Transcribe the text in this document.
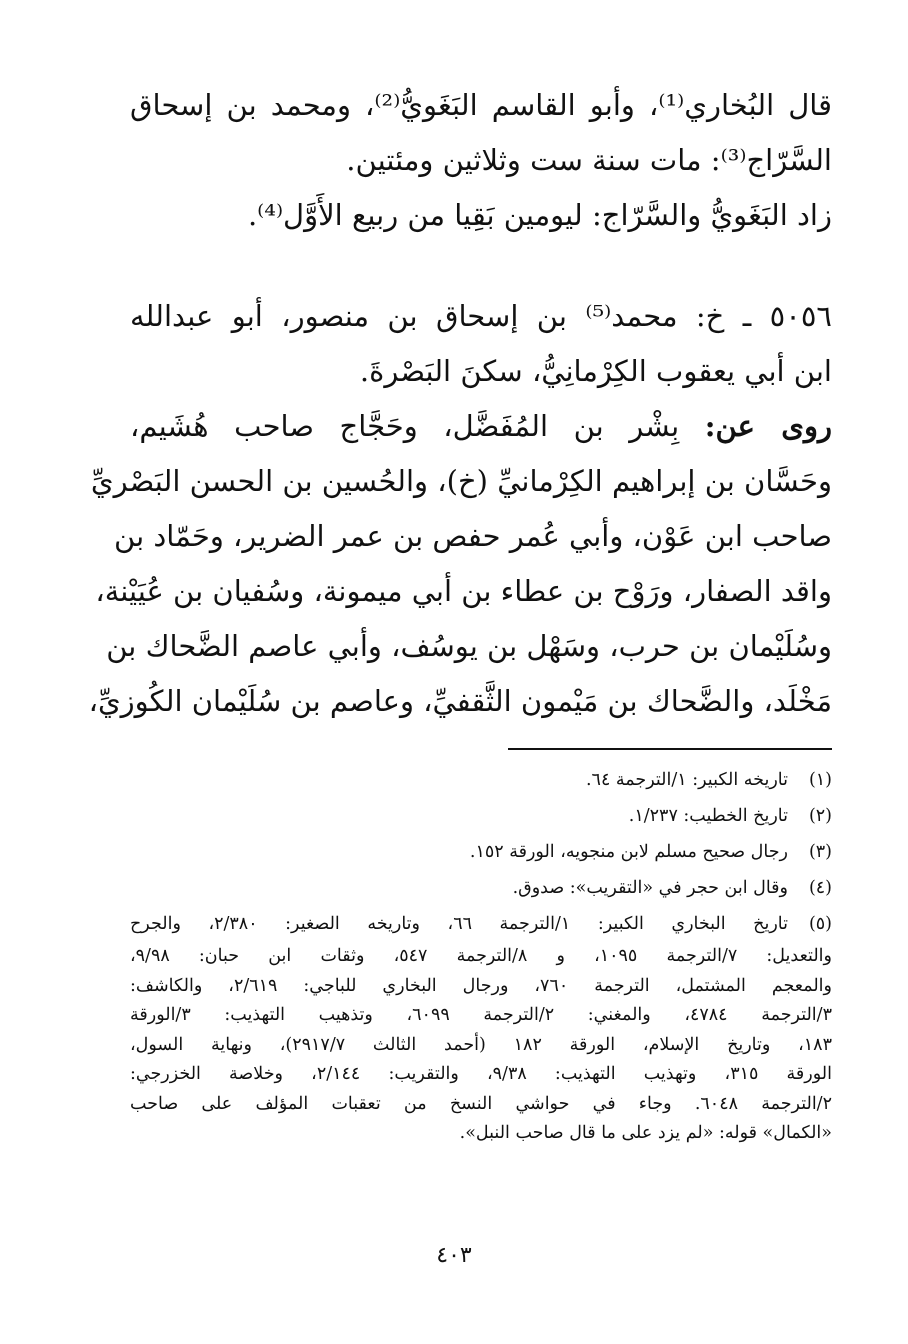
قال البُخاري⁽¹⁾، وأبو القاسم البَغَويُّ⁽²⁾، ومحمد بن إسحاق
السَّرّاج⁽³⁾: مات سنة ست وثلاثين ومئتين.
زاد البَغَويُّ والسَّرّاج: ليومين بَقِيا من ربيع الأَوَّل⁽⁴⁾.
٥٠٥٦ ـ خ: محمد⁽⁵⁾ بن إسحاق بن منصور، أبو عبدالله
ابن أبي يعقوب الكِرْمانِيُّ، سكنَ البَصْرةَ.
روى عن: بِشْر بن المُفَضَّل، وحَجَّاج صاحب هُشَيم،
وحَسَّان بن إبراهيم الكِرْمانيِّ (خ)، والحُسين بن الحسن البَصْريِّ
صاحب ابن عَوْن، وأبي عُمر حفص بن عمر الضرير، وحَمّاد بن
واقد الصفار، ورَوْح بن عطاء بن أبي ميمونة، وسُفيان بن عُيَيْنة،
وسُلَيْمان بن حرب، وسَهْل بن يوسُف، وأبي عاصم الضَّحاك بن
مَخْلَد، والضَّحاك بن مَيْمون الثَّقفيِّ، وعاصم بن سُلَيْمان الكُوزيِّ،
(١)
تاريخه الكبير: ١/الترجمة ٦٤.
(٢)
تاريخ الخطيب: ١/٢٣٧.
(٣)
رجال صحيح مسلم لابن منجويه، الورقة ١٥٢.
(٤)
وقال ابن حجر في «التقريب»: صدوق.
(٥)
تاريخ البخاري الكبير: ١/الترجمة ٦٦، وتاريخه الصغير: ٢/٣٨٠، والجرح
والتعديل: ٧/الترجمة ١٠٩٥، و ٨/الترجمة ٥٤٧، وثقات ابن حبان: ٩/٩٨،
والمعجم المشتمل، الترجمة ٧٦٠، ورجال البخاري للباجي: ٢/٦١٩، والكاشف:
٣/الترجمة ٤٧٨٤، والمغني: ٢/الترجمة ٦٠٩٩، وتذهيب التهذيب: ٣/الورقة
١٨٣، وتاريخ الإسلام، الورقة ١٨٢ (أحمد الثالث ٢٩١٧/٧)، ونهاية السول،
الورقة ٣١٥، وتهذيب التهذيب: ٩/٣٨، والتقريب: ٢/١٤٤، وخلاصة الخزرجي:
٢/الترجمة ٦٠٤٨. وجاء في حواشي النسخ من تعقبات المؤلف على صاحب
«الكمال» قوله: «لم يزد على ما قال صاحب النبل».
٤٠٣
